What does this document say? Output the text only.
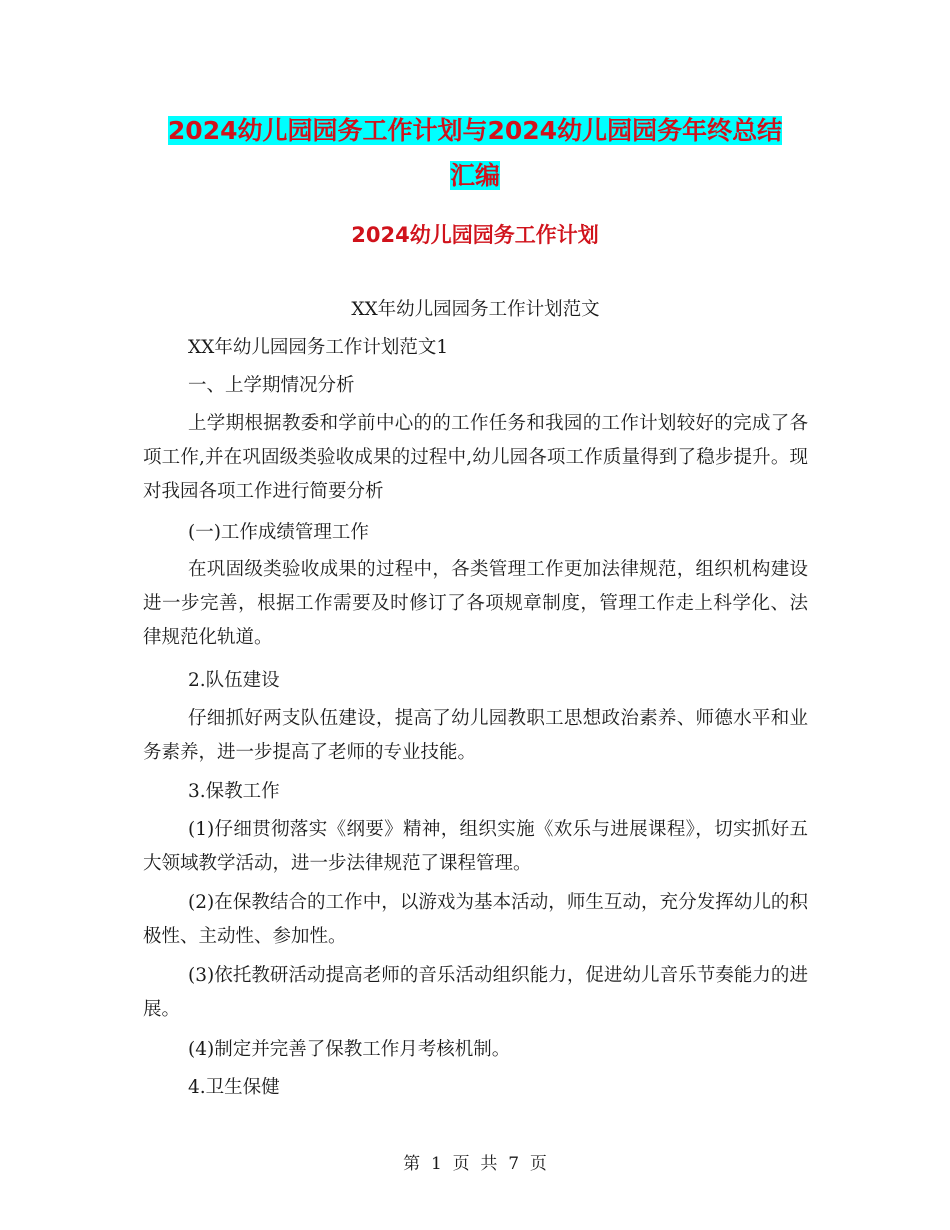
2024幼儿园园务工作计划与2024幼儿园园务年终总结
汇编
2024幼儿园园务工作计划

XX年幼儿园园务工作计划范文

XX年幼儿园园务工作计划范文1

一、上学期情况分析

上学期根据教委和学前中心的的工作任务和我园的工作计划较好的完成了各项工作,并在巩固级类验收成果的过程中,幼儿园各项工作质量得到了稳步提升。现对我园各项工作进行简要分析

(一)工作成绩管理工作

在巩固级类验收成果的过程中，各类管理工作更加法律规范，组织机构建设进一步完善，根据工作需要及时修订了各项规章制度，管理工作走上科学化、法律规范化轨道。

2.队伍建设

仔细抓好两支队伍建设，提高了幼儿园教职工思想政治素养、师德水平和业务素养，进一步提高了老师的专业技能。

3.保教工作

(1)仔细贯彻落实《纲要》精神，组织实施《欢乐与进展课程》，切实抓好五大领域教学活动，进一步法律规范了课程管理。

(2)在保教结合的工作中，以游戏为基本活动，师生互动，充分发挥幼儿的积极性、主动性、参加性。

(3)依托教研活动提高老师的音乐活动组织能力，促进幼儿音乐节奏能力的进展。

(4)制定并完善了保教工作月考核机制。

4.卫生保健

第 1 页 共 7 页
